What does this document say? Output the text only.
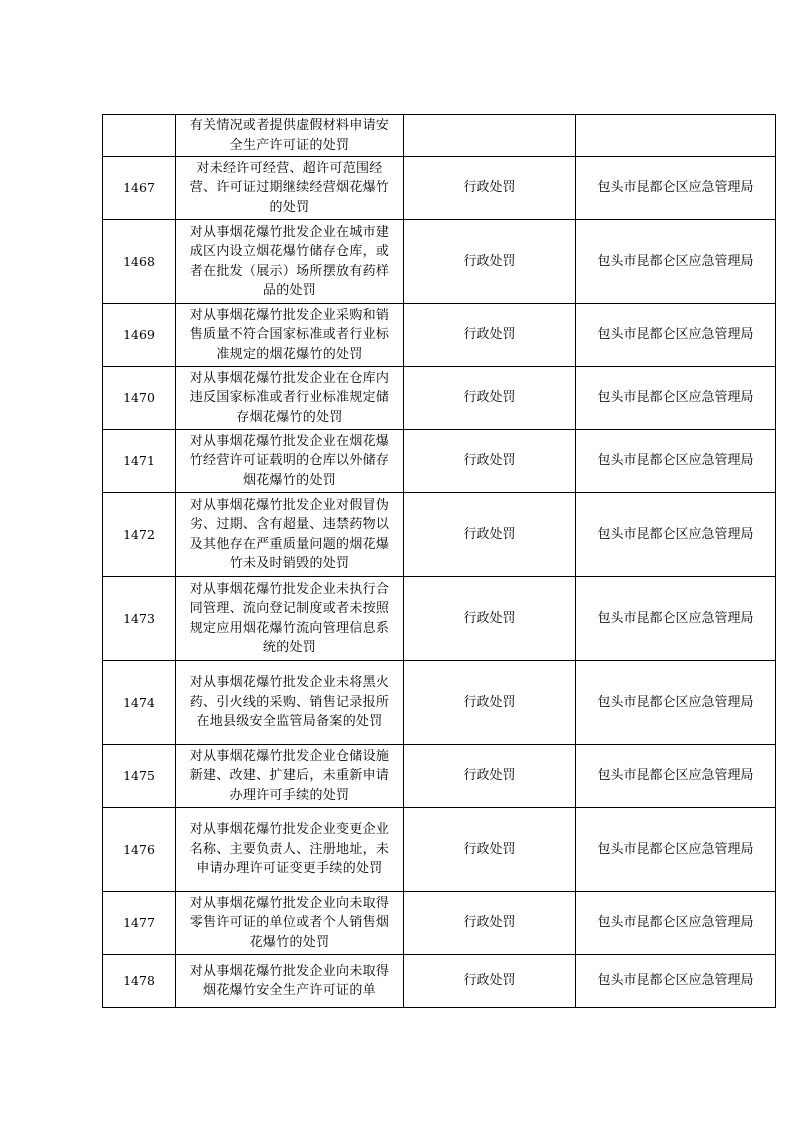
	有关情况或者提供虚假材料申请安全生产许可证的处罚		
1467	对未经许可经营、超许可范围经营、许可证过期继续经营烟花爆竹的处罚	行政处罚	包头市昆都仑区应急管理局
1468	对从事烟花爆竹批发企业在城市建成区内设立烟花爆竹储存仓库，或者在批发（展示）场所摆放有药样品的处罚	行政处罚	包头市昆都仑区应急管理局
1469	对从事烟花爆竹批发企业采购和销售质量不符合国家标准或者行业标准规定的烟花爆竹的处罚	行政处罚	包头市昆都仑区应急管理局
1470	对从事烟花爆竹批发企业在仓库内违反国家标准或者行业标准规定储存烟花爆竹的处罚	行政处罚	包头市昆都仑区应急管理局
1471	对从事烟花爆竹批发企业在烟花爆竹经营许可证载明的仓库以外储存烟花爆竹的处罚	行政处罚	包头市昆都仑区应急管理局
1472	对从事烟花爆竹批发企业对假冒伪劣、过期、含有超量、违禁药物以及其他存在严重质量问题的烟花爆竹未及时销毁的处罚	行政处罚	包头市昆都仑区应急管理局
1473	对从事烟花爆竹批发企业未执行合同管理、流向登记制度或者未按照规定应用烟花爆竹流向管理信息系统的处罚	行政处罚	包头市昆都仑区应急管理局
1474	对从事烟花爆竹批发企业未将黑火药、引火线的采购、销售记录报所在地县级安全监管局备案的处罚	行政处罚	包头市昆都仑区应急管理局
1475	对从事烟花爆竹批发企业仓储设施新建、改建、扩建后，未重新申请办理许可手续的处罚	行政处罚	包头市昆都仑区应急管理局
1476	对从事烟花爆竹批发企业变更企业名称、主要负责人、注册地址，未申请办理许可证变更手续的处罚	行政处罚	包头市昆都仑区应急管理局
1477	对从事烟花爆竹批发企业向未取得零售许可证的单位或者个人销售烟花爆竹的处罚	行政处罚	包头市昆都仑区应急管理局
1478	对从事烟花爆竹批发企业向未取得烟花爆竹安全生产许可证的单	行政处罚	包头市昆都仑区应急管理局
